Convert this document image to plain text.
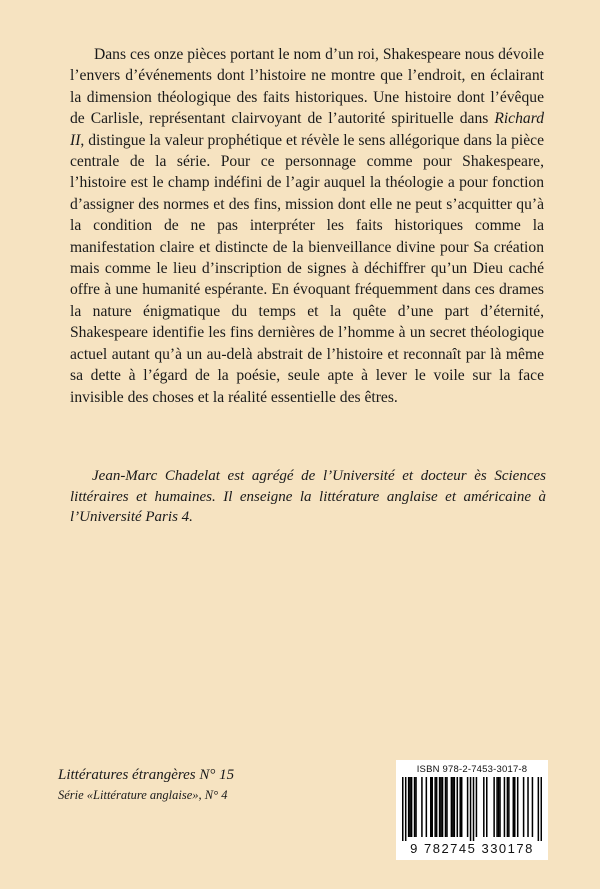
Dans ces onze pièces portant le nom d’un roi, Shakespeare nous dévoile l’envers d’événements dont l’histoire ne montre que l’endroit, en éclairant la dimension théologique des faits historiques. Une histoire dont l’évêque de Carlisle, représentant clairvoyant de l’autorité spirituelle dans Richard II, distingue la valeur prophétique et révèle le sens allégorique dans la pièce centrale de la série. Pour ce personnage comme pour Shakespeare, l’histoire est le champ indéfini de l’agir auquel la théologie a pour fonction d’assigner des normes et des fins, mission dont elle ne peut s’acquitter qu’à la condition de ne pas interpréter les faits historiques comme la manifestation claire et distincte de la bienveillance divine pour Sa création mais comme le lieu d’inscription de signes à déchiffrer qu’un Dieu caché offre à une humanité espérante. En évoquant fréquemment dans ces drames la nature énigmatique du temps et la quête d’une part d’éternité, Shakespeare identifie les fins dernières de l’homme à un secret théologique actuel autant qu’à un au-delà abstrait de l’histoire et reconnaît par là même sa dette à l’égard de la poésie, seule apte à lever le voile sur la face invisible des choses et la réalité essentielle des êtres.

Jean-Marc Chadelat est agrégé de l’Université et docteur ès Sciences littéraires et humaines. Il enseigne la littérature anglaise et américaine à l’Université Paris 4.

Littératures étrangères N° 15
Série «Littérature anglaise», N° 4
ISBN 978-2-7453-3017-8
9 782745 330178
